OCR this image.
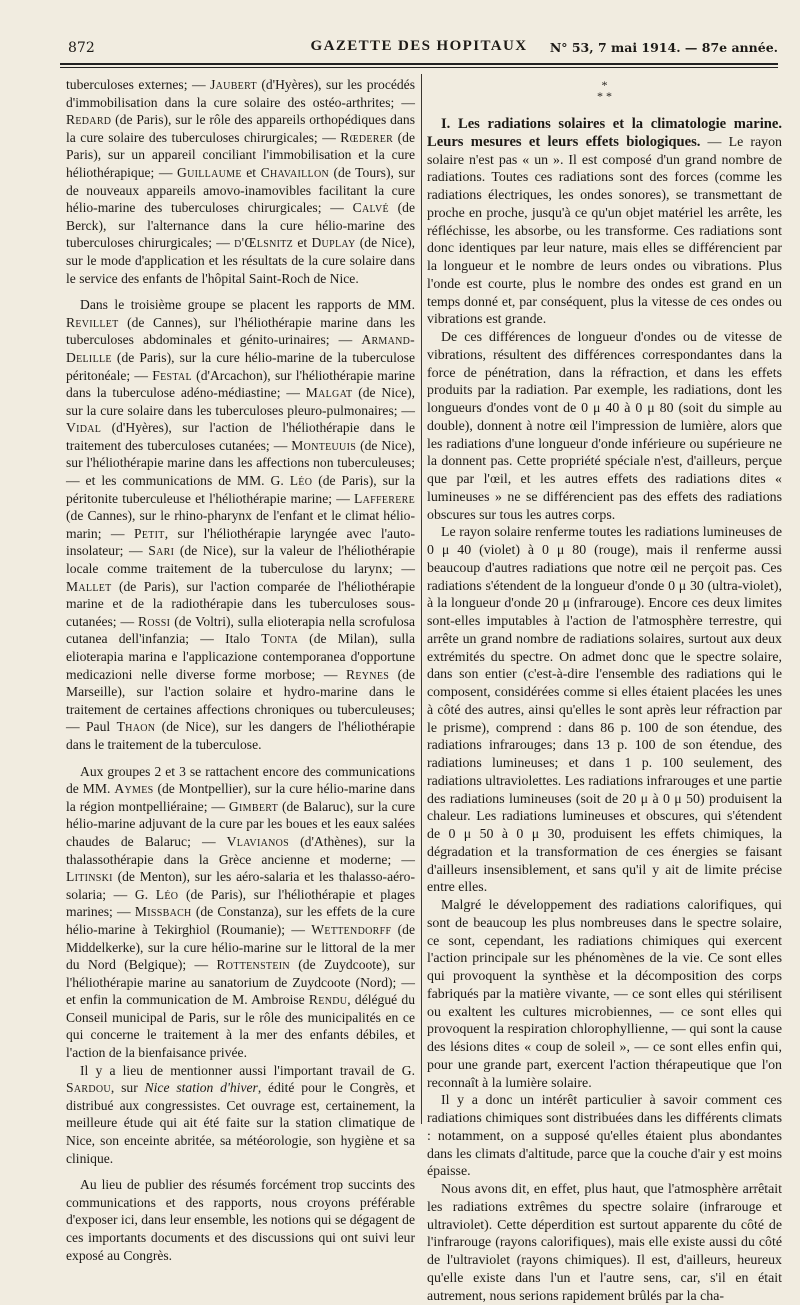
872	GAZETTE DES HOPITAUX	N° 53, 7 mai 1914. — 87e année.

tuberculoses externes; — Jaubert (d'Hyères), sur les procédés d'immobilisation dans la cure solaire des ostéo-arthrites; — Redard (de Paris), sur le rôle des appareils orthopédiques dans la cure solaire des tuberculoses chirurgicales; — Rœderer (de Paris), sur un appareil conciliant l'immobilisation et la cure héliothérapique; — Guillaume et Chavaillon (de Tours), sur de nouveaux appareils amovo-inamovibles facilitant la cure hélio-marine des tuberculoses chirurgicales; — Calvé (de Berck), sur l'alternance dans la cure hélio-marine des tuberculoses chirurgicales; — d'Œlsnitz et Duplay (de Nice), sur le mode d'application et les résultats de la cure solaire dans le service des enfants de l'hôpital Saint-Roch de Nice.

Dans le troisième groupe se placent les rapports de MM. Revillet (de Cannes), sur l'héliothérapie marine dans les tuberculoses abdominales et génito-urinaires; — Armand-Delille (de Paris), sur la cure hélio-marine de la tuberculose péritonéale; — Festal (d'Arcachon), sur l'héliothérapie marine dans la tuberculose adéno-médiastine; — Malgat (de Nice), sur la cure solaire dans les tuberculoses pleuro-pulmonaires; — Vidal (d'Hyères), sur l'action de l'héliothérapie dans le traitement des tuberculoses cutanées; — Monteuuis (de Nice), sur l'héliothérapie marine dans les affections non tuberculeuses; — et les communications de MM. G. Léo (de Paris), sur la péritonite tuberculeuse et l'héliothérapie marine; — Lafferere (de Cannes), sur le rhino-pharynx de l'enfant et le climat hélio-marin; — Petit, sur l'héliothérapie laryngée avec l'auto-insolateur; — Sari (de Nice), sur la valeur de l'héliothérapie locale comme traitement de la tuberculose du larynx; — Mallet (de Paris), sur l'action comparée de l'héliothérapie marine et de la radiothérapie dans les tuberculoses sous-cutanées; — Rossi (de Voltri), sulla elioterapia nella scrofulosa cutanea dell'infanzia; — Italo Tonta (de Milan), sulla elioterapia marina e l'applicazione contemporanea d'opportune medicazioni nelle diverse forme morbose; — Reynes (de Marseille), sur l'action solaire et hydro-marine dans le traitement de certaines affections chroniques ou tuberculeuses; — Paul Thaon (de Nice), sur les dangers de l'héliothérapie dans le traitement de la tuberculose.

Aux groupes 2 et 3 se rattachent encore des communications de MM. Aymes (de Montpellier), sur la cure hélio-marine dans la région montpelliéraine; — Gimbert (de Balaruc), sur la cure hélio-marine adjuvant de la cure par les boues et les eaux salées chaudes de Balaruc; — Vlavianos (d'Athènes), sur la thalassothérapie dans la Grèce ancienne et moderne; — Litinski (de Menton), sur les aéro-salaria et les thalasso-aéro-solaria; — G. Léo (de Paris), sur l'héliothérapie et plages marines; — Missbach (de Constanza), sur les effets de la cure hélio-marine à Tekirghiol (Roumanie); — Wettendorff (de Middelkerke), sur la cure hélio-marine sur le littoral de la mer du Nord (Belgique); — Rottenstein (de Zuydcoote), sur l'héliothérapie marine au sanatorium de Zuydcoote (Nord); — et enfin la communication de M. Ambroise Rendu, délégué du Conseil municipal de Paris, sur le rôle des municipalités en ce qui concerne le traitement à la mer des enfants débiles, et l'action de la bienfaisance privée.

Il y a lieu de mentionner aussi l'important travail de G. Sardou, sur Nice station d'hiver, édité pour le Congrès, et distribué aux congressistes. Cet ouvrage est, certainement, la meilleure étude qui ait été faite sur la station climatique de Nice, son enceinte abritée, sa météorologie, son hygiène et sa clinique.

Au lieu de publier des résumés forcément trop succints des communications et des rapports, nous croyons préférable d'exposer ici, dans leur ensemble, les notions qui se dégagent de ces importants documents et des discussions qui ont suivi leur exposé au Congrès.

*
* *

I. Les radiations solaires et la climatologie marine. Leurs mesures et leurs effets biologiques. — Le rayon solaire n'est pas « un ». Il est composé d'un grand nombre de radiations. Toutes ces radiations sont des forces (comme les radiations électriques, les ondes sonores), se transmettant de proche en proche, jusqu'à ce qu'un objet matériel les arrête, les réfléchisse, les absorbe, ou les transforme. Ces radiations sont donc identiques par leur nature, mais elles se différencient par la longueur et le nombre de leurs ondes ou vibrations. Plus l'onde est courte, plus le nombre des ondes est grand en un temps donné et, par conséquent, plus la vitesse de ces ondes ou vibrations est grande.

De ces différences de longueur d'ondes ou de vitesse de vibrations, résultent des différences correspondantes dans la force de pénétration, dans la réfraction, et dans les effets produits par la radiation. Par exemple, les radiations, dont les longueurs d'ondes vont de 0 μ 40 à 0 μ 80 (soit du simple au double), donnent à notre œil l'impression de lumière, alors que les radiations d'une longueur d'onde inférieure ou supérieure ne la donnent pas. Cette propriété spéciale n'est, d'ailleurs, perçue que par l'œil, et les autres effets des radiations dites « lumineuses » ne se différencient pas des effets des radiations obscures sur tous les autres corps.

Le rayon solaire renferme toutes les radiations lumineuses de 0 μ 40 (violet) à 0 μ 80 (rouge), mais il renferme aussi beaucoup d'autres radiations que notre œil ne perçoit pas. Ces radiations s'étendent de la longueur d'onde 0 μ 30 (ultra-violet), à la longueur d'onde 20 μ (infrarouge). Encore ces deux limites sont-elles imputables à l'action de l'atmosphère terrestre, qui arrête un grand nombre de radiations solaires, surtout aux deux extrémités du spectre. On admet donc que le spectre solaire, dans son entier (c'est-à-dire l'ensemble des radiations qui le composent, considérées comme si elles étaient placées les unes à côté des autres, ainsi qu'elles le sont après leur réfraction par le prisme), comprend : dans 86 p. 100 de son étendue, des radiations infrarouges; dans 13 p. 100 de son étendue, des radiations lumineuses; et dans 1 p. 100 seulement, des radiations ultraviolettes. Les radiations infrarouges et une partie des radiations lumineuses (soit de 20 μ à 0 μ 50) produisent la chaleur. Les radiations lumineuses et obscures, qui s'étendent de 0 μ 50 à 0 μ 30, produisent les effets chimiques, la dégradation et la transformation de ces énergies se faisant d'ailleurs insensiblement, et sans qu'il y ait de limite précise entre elles.

Malgré le développement des radiations calorifiques, qui sont de beaucoup les plus nombreuses dans le spectre solaire, ce sont, cependant, les radiations chimiques qui exercent l'action principale sur les phénomènes de la vie. Ce sont elles qui provoquent la synthèse et la décomposition des corps fabriqués par la matière vivante, — ce sont elles qui stérilisent ou exaltent les cultures microbiennes, — ce sont elles qui provoquent la respiration chlorophyllienne, — qui sont la cause des lésions dites « coup de soleil », — ce sont elles enfin qui, pour une grande part, exercent l'action thérapeutique que l'on reconnaît à la lumière solaire.

Il y a donc un intérêt particulier à savoir comment ces radiations chimiques sont distribuées dans les différents climats : notamment, on a supposé qu'elles étaient plus abondantes dans les climats d'altitude, parce que la couche d'air y est moins épaisse.

Nous avons dit, en effet, plus haut, que l'atmosphère arrêtait les radiations extrêmes du spectre solaire (infrarouge et ultraviolet). Cette déperdition est surtout apparente du côté de l'infrarouge (rayons calorifiques), mais elle existe aussi du côté de l'ultraviolet (rayons chimiques). Il est, d'ailleurs, heureux qu'elle existe dans l'un et l'autre sens, car, s'il en était autrement, nous serions rapidement brûlés par la cha-
